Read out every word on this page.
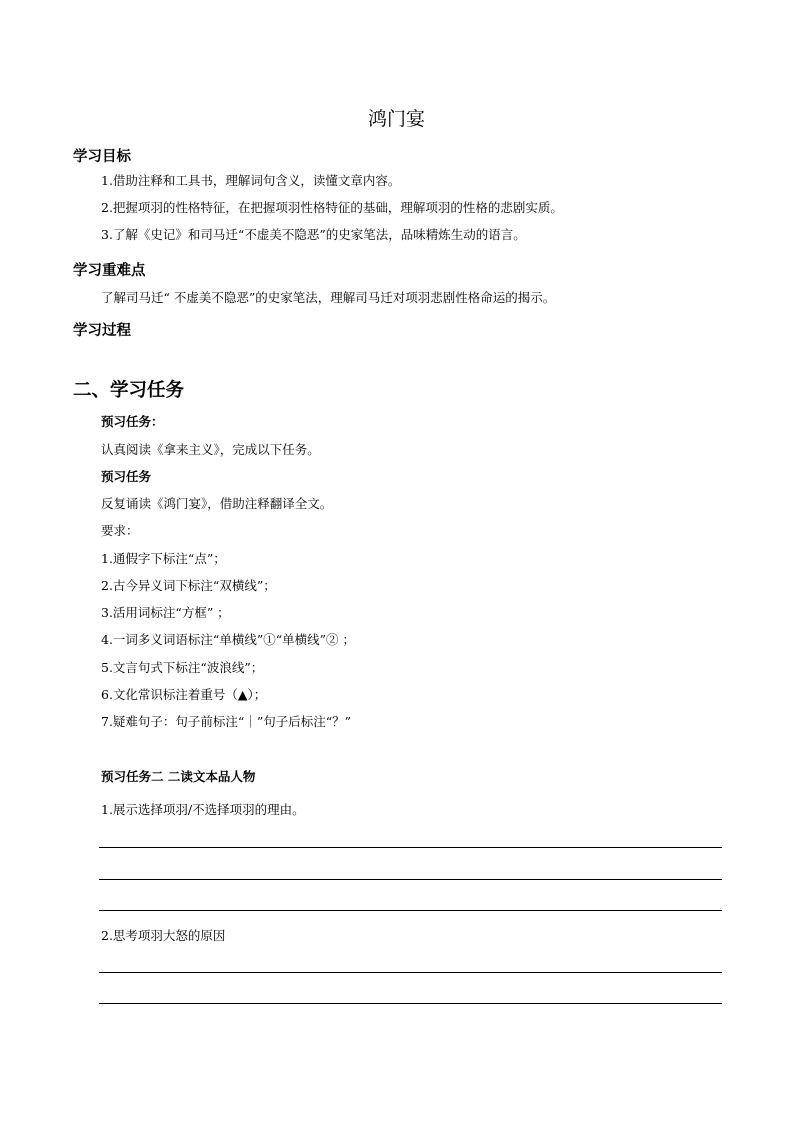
鸿门宴
学习目标
1.借助注释和工具书，理解词句含义，读懂文章内容。
2.把握项羽的性格特征，在把握项羽性格特征的基础，理解项羽的性格的悲剧实质。
3.了解《史记》和司马迁“不虚美不隐恶”的史家笔法，品味精炼生动的语言。
学习重难点
了解司马迁“ 不虚美不隐恶”的史家笔法，理解司马迁对项羽悲剧性格命运的揭示。
学习过程
二、学习任务
预习任务：
认真阅读《拿来主义》，完成以下任务。
预习任务
反复诵读《鸿门宴》，借助注释翻译全文。
要求：
1.通假字下标注“点”；
2.古今异义词下标注“双横线”；
3.活用词标注“方框” ；
4.一词多义词语标注“单横线”①“单横线”② ；
5.文言句式下标注“波浪线”；
6.文化常识标注着重号（▲）；
7.疑难句子：句子前标注“｜”句子后标注“？”
预习任务二 二读文本品人物
1.展示选择项羽/不选择项羽的理由。
2.思考项羽大怒的原因
